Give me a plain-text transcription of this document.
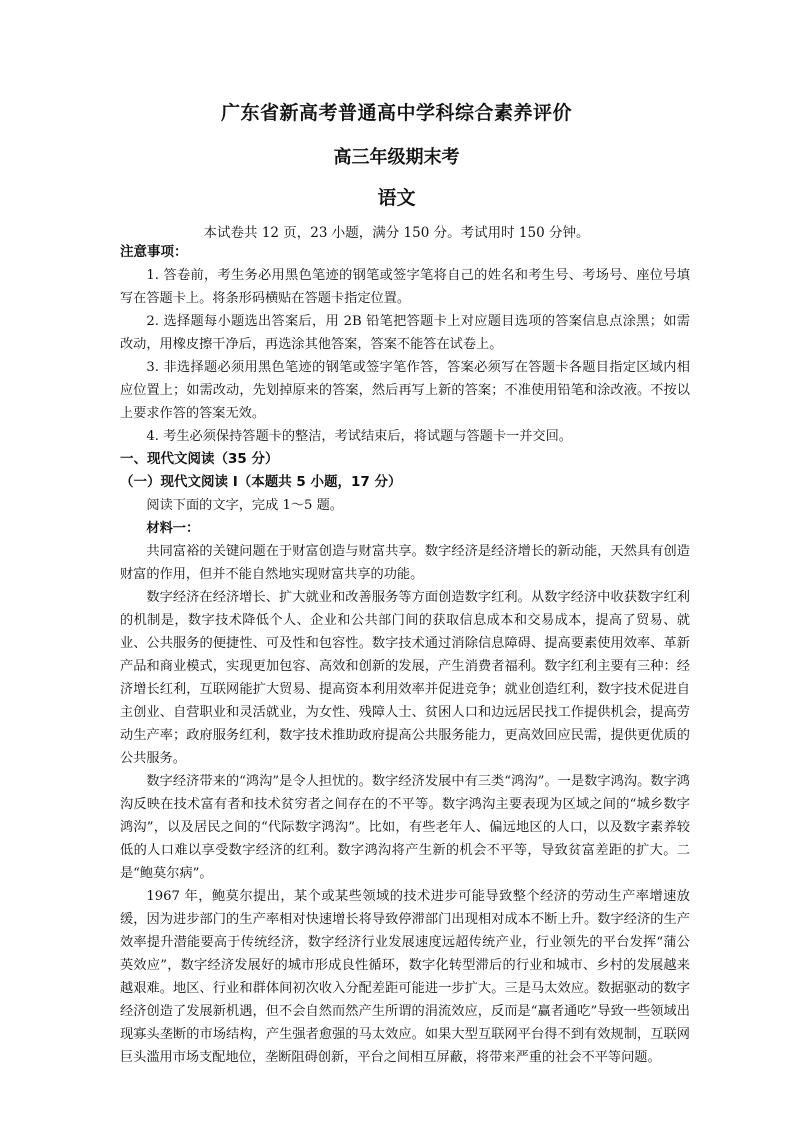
广东省新高考普通高中学科综合素养评价
高三年级期末考
语文

本试卷共 12 页，23 小题，满分 150 分。考试用时 150 分钟。

注意事项：

1. 答卷前，考生务必用黑色笔迹的钢笔或签字笔将自己的姓名和考生号、考场号、座位号填写在答题卡上。将条形码横贴在答题卡指定位置。

2. 选择题每小题选出答案后，用 2B 铅笔把答题卡上对应题目选项的答案信息点涂黑；如需改动，用橡皮擦干净后，再选涂其他答案，答案不能答在试卷上。

3. 非选择题必须用黑色笔迹的钢笔或签字笔作答，答案必须写在答题卡各题目指定区域内相应位置上；如需改动，先划掉原来的答案，然后再写上新的答案；不准使用铅笔和涂改液。不按以上要求作答的答案无效。

4. 考生必须保持答题卡的整洁，考试结束后，将试题与答题卡一并交回。

一、现代文阅读（35 分）

（一）现代文阅读 I（本题共 5 小题，17 分）

阅读下面的文字，完成 1～5 题。

材料一：

共同富裕的关键问题在于财富创造与财富共享。数字经济是经济增长的新动能，天然具有创造财富的作用，但并不能自然地实现财富共享的功能。

数字经济在经济增长、扩大就业和改善服务等方面创造数字红利。从数字经济中收获数字红利的机制是，数字技术降低个人、企业和公共部门间的获取信息成本和交易成本，提高了贸易、就业、公共服务的便捷性、可及性和包容性。数字技术通过消除信息障碍、提高要素使用效率、革新产品和商业模式，实现更加包容、高效和创新的发展，产生消费者福利。数字红利主要有三种：经济增长红利，互联网能扩大贸易、提高资本利用效率并促进竞争；就业创造红利，数字技术促进自主创业、自营职业和灵活就业，为女性、残障人士、贫困人口和边远居民找工作提供机会，提高劳动生产率；政府服务红利，数字技术推助政府提高公共服务能力，更高效回应民需，提供更优质的公共服务。

数字经济带来的“鸿沟”是令人担忧的。数字经济发展中有三类“鸿沟”。一是数字鸿沟。数字鸿沟反映在技术富有者和技术贫穷者之间存在的不平等。数字鸿沟主要表现为区域之间的“城乡数字鸿沟”，以及居民之间的“代际数字鸿沟”。比如，有些老年人、偏远地区的人口，以及数字素养较低的人口难以享受数字经济的红利。数字鸿沟将产生新的机会不平等，导致贫富差距的扩大。二是“鲍莫尔病”。

1967 年，鲍莫尔提出，某个或某些领域的技术进步可能导致整个经济的劳动生产率增速放缓，因为进步部门的生产率相对快速增长将导致停滞部门出现相对成本不断上升。数字经济的生产效率提升潜能要高于传统经济，数字经济行业发展速度远超传统产业，行业领先的平台发挥“蒲公英效应”，数字经济发展好的城市形成良性循环，数字化转型滞后的行业和城市、乡村的发展越来越艰难。地区、行业和群体间初次收入分配差距可能进一步扩大。三是马太效应。数据驱动的数字经济创造了发展新机遇，但不会自然而然产生所谓的涓流效应，反而是“赢者通吃”导致一些领域出现寡头垄断的市场结构，产生强者愈强的马太效应。如果大型互联网平台得不到有效规制，互联网巨头滥用市场支配地位，垄断阻碍创新，平台之间相互屏蔽，将带来严重的社会不平等问题。
